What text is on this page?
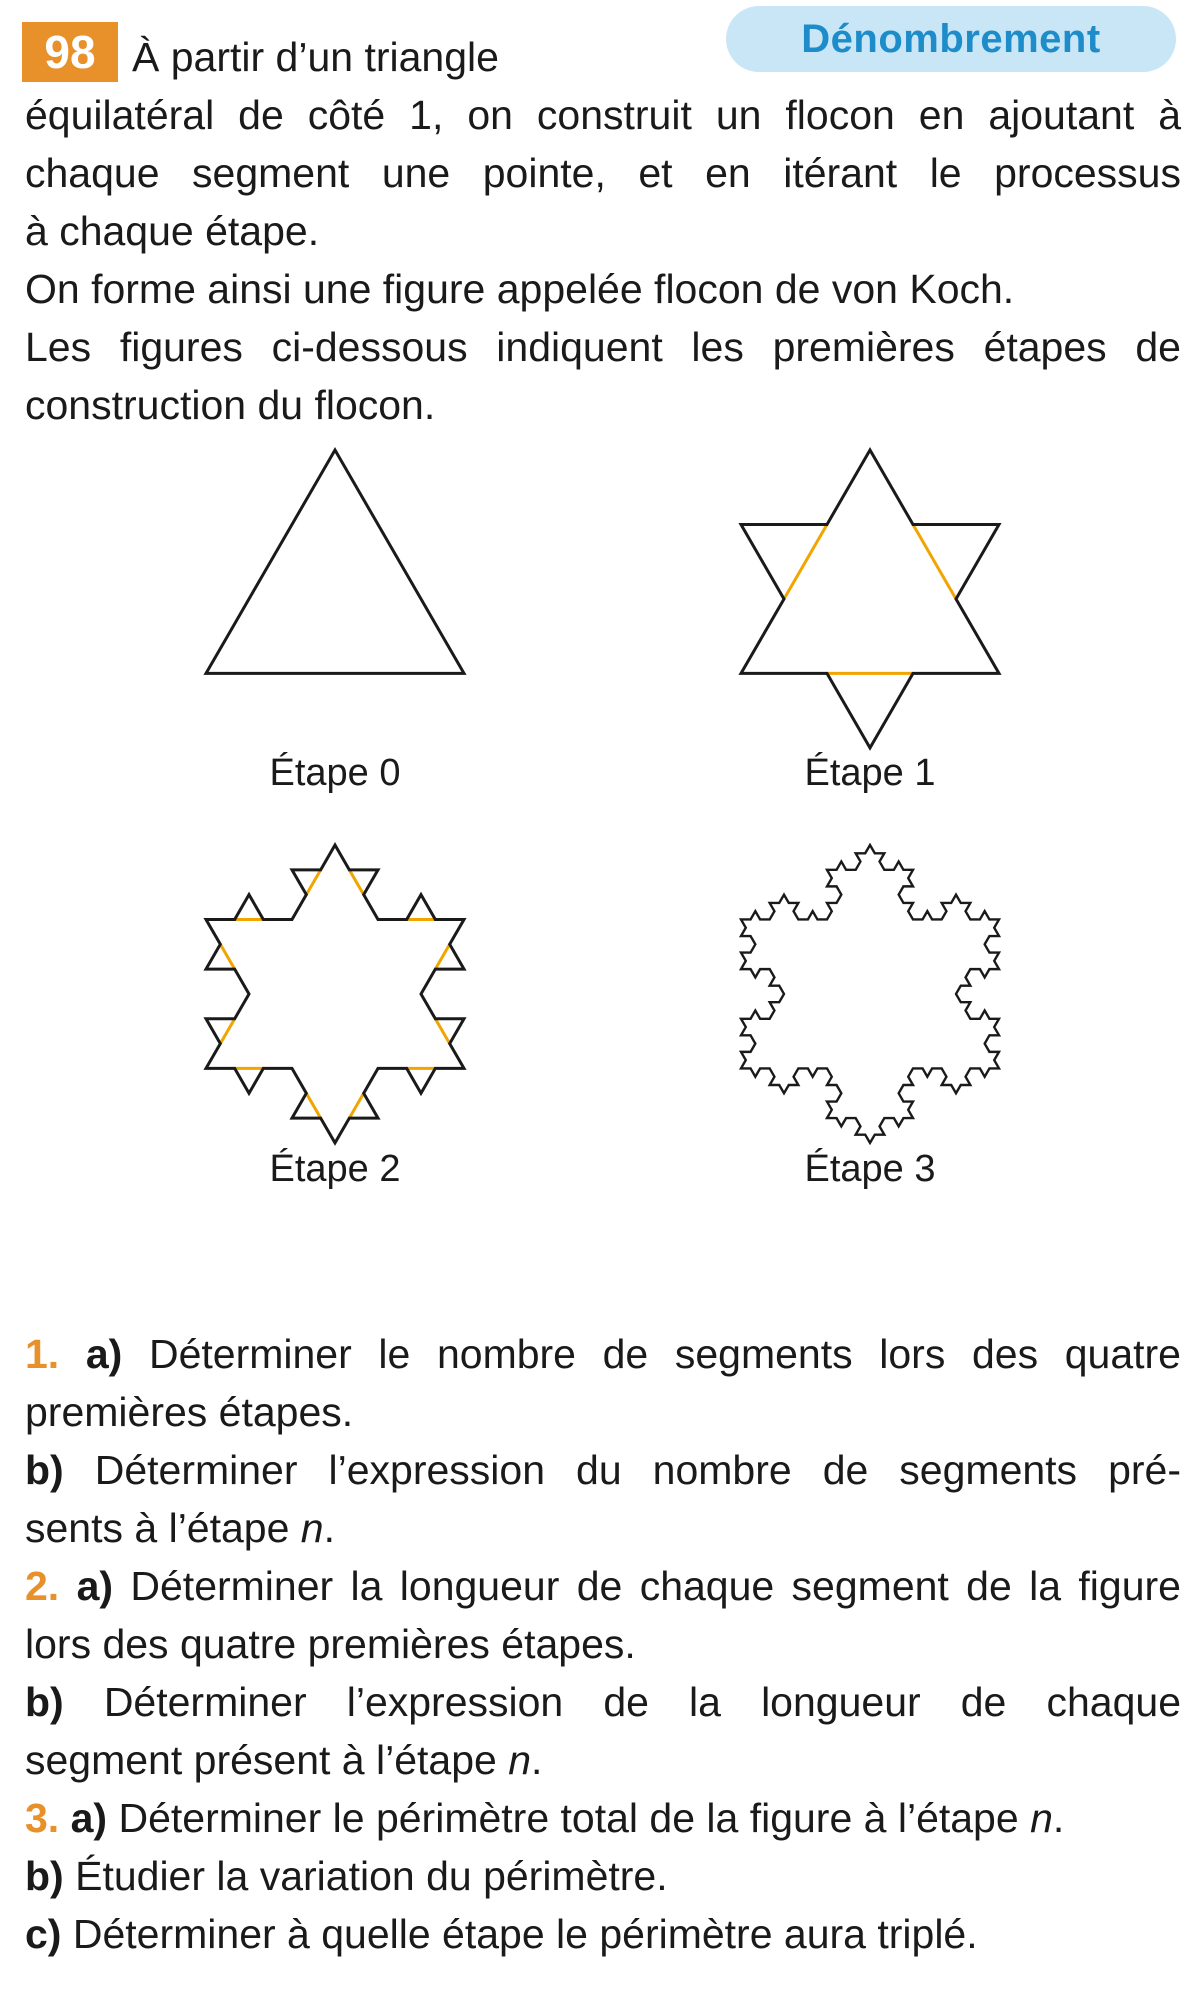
98	Dénombrement
À partir d’un triangle
équilatéral de côté 1, on construit un flocon en ajoutant à
chaque segment une pointe, et en itérant le processus
à chaque étape.
On forme ainsi une figure appelée flocon de von Koch.
Les figures ci-dessous indiquent les premières étapes de
construction du flocon.
Étape 0	Étape 1
Étape 2	Étape 3
1. a) Déterminer le nombre de segments lors des quatre
premières étapes.
b) Déterminer l’expression du nombre de segments pré-
sents à l’étape n.
2. a) Déterminer la longueur de chaque segment de la figure
lors des quatre premières étapes.
b) Déterminer l’expression de la longueur de chaque
segment présent à l’étape n.
3. a) Déterminer le périmètre total de la figure à l’étape n.
b) Étudier la variation du périmètre.
c) Déterminer à quelle étape le périmètre aura triplé.
